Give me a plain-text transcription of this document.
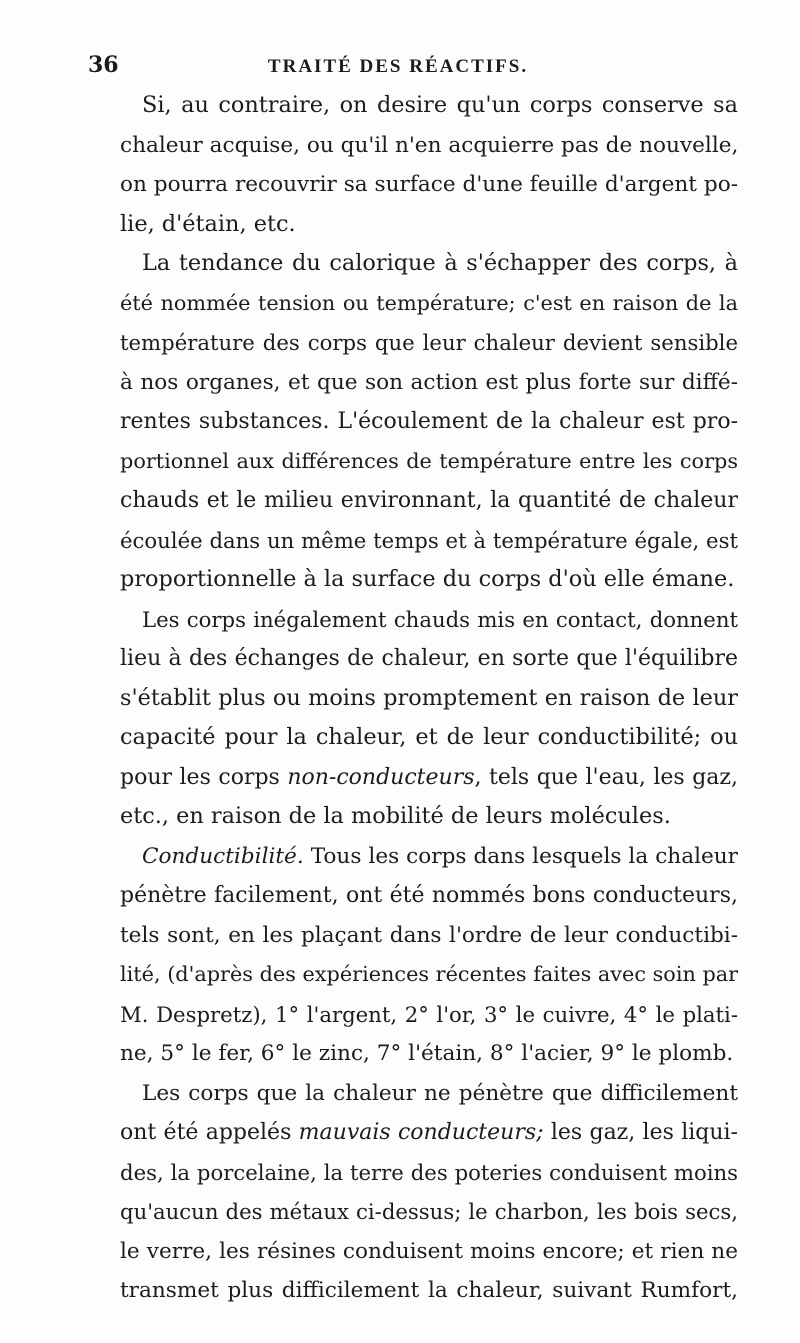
36	TRAITÉ DES RÉACTIFS.
Si, au contraire, on desire qu'un corps conserve sa
chaleur acquise, ou qu'il n'en acquierre pas de nouvelle,
on pourra recouvrir sa surface d'une feuille d'argent po-
lie, d'étain, etc.
La tendance du calorique à s'échapper des corps, à
été nommée tension ou température; c'est en raison de la
température des corps que leur chaleur devient sensible
à nos organes, et que son action est plus forte sur diffé-
rentes substances. L'écoulement de la chaleur est pro-
portionnel aux différences de température entre les corps
chauds et le milieu environnant, la quantité de chaleur
écoulée dans un même temps et à température égale, est
proportionnelle à la surface du corps d'où elle émane.
Les corps inégalement chauds mis en contact, donnent
lieu à des échanges de chaleur, en sorte que l'équilibre
s'établit plus ou moins promptement en raison de leur
capacité pour la chaleur, et de leur conductibilité; ou
pour les corps non-conducteurs, tels que l'eau, les gaz,
etc., en raison de la mobilité de leurs molécules.
Conductibilité. Tous les corps dans lesquels la chaleur
pénètre facilement, ont été nommés bons conducteurs,
tels sont, en les plaçant dans l'ordre de leur conductibi-
lité, (d'après des expériences récentes faites avec soin par
M. Despretz), 1° l'argent, 2° l'or, 3° le cuivre, 4° le plati-
ne, 5° le fer, 6° le zinc, 7° l'étain, 8° l'acier, 9° le plomb.
Les corps que la chaleur ne pénètre que difficilement
ont été appelés mauvais conducteurs; les gaz, les liqui-
des, la porcelaine, la terre des poteries conduisent moins
qu'aucun des métaux ci-dessus; le charbon, les bois secs,
le verre, les résines conduisent moins encore; et rien ne
transmet plus difficilement la chaleur, suivant Rumfort,
